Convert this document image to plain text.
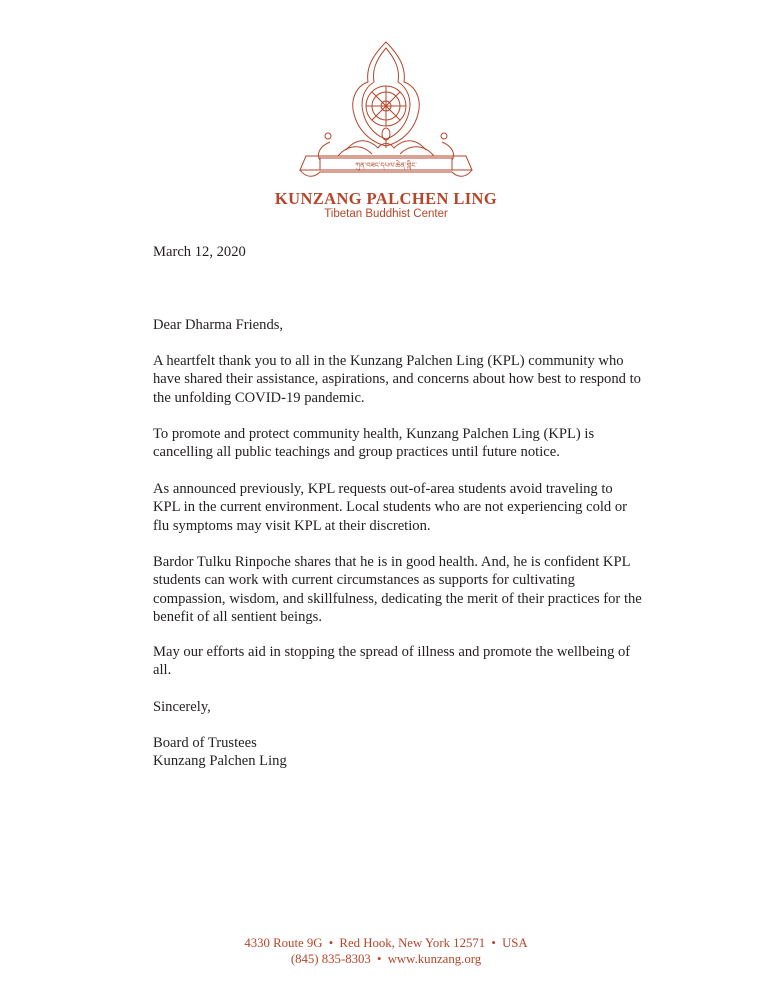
ཀུན་བཟང་དཔལ་ཆེན་གླིང་
KUNZANG PALCHEN LING
Tibetan Buddhist Center
March 12, 2020
Dear Dharma Friends,
A heartfelt thank you to all in the Kunzang Palchen Ling (KPL) community who have shared their assistance, aspirations, and concerns about how best to respond to the unfolding COVID-19 pandemic.
To promote and protect community health, Kunzang Palchen Ling (KPL) is cancelling all public teachings and group practices until future notice.
As announced previously, KPL requests out-of-area students avoid traveling to KPL in the current environment. Local students who are not experiencing cold or flu symptoms may visit KPL at their discretion.
Bardor Tulku Rinpoche shares that he is in good health. And, he is confident KPL students can work with current circumstances as supports for cultivating compassion, wisdom, and skillfulness, dedicating the merit of their practices for the benefit of all sentient beings.
May our efforts aid in stopping the spread of illness and promote the wellbeing of all.
Sincerely,

Board of Trustees

Kunzang Palchen Ling

4330 Route 9G • Red Hook, New York 12571 • USA
(845) 835-8303 • www.kunzang.org
